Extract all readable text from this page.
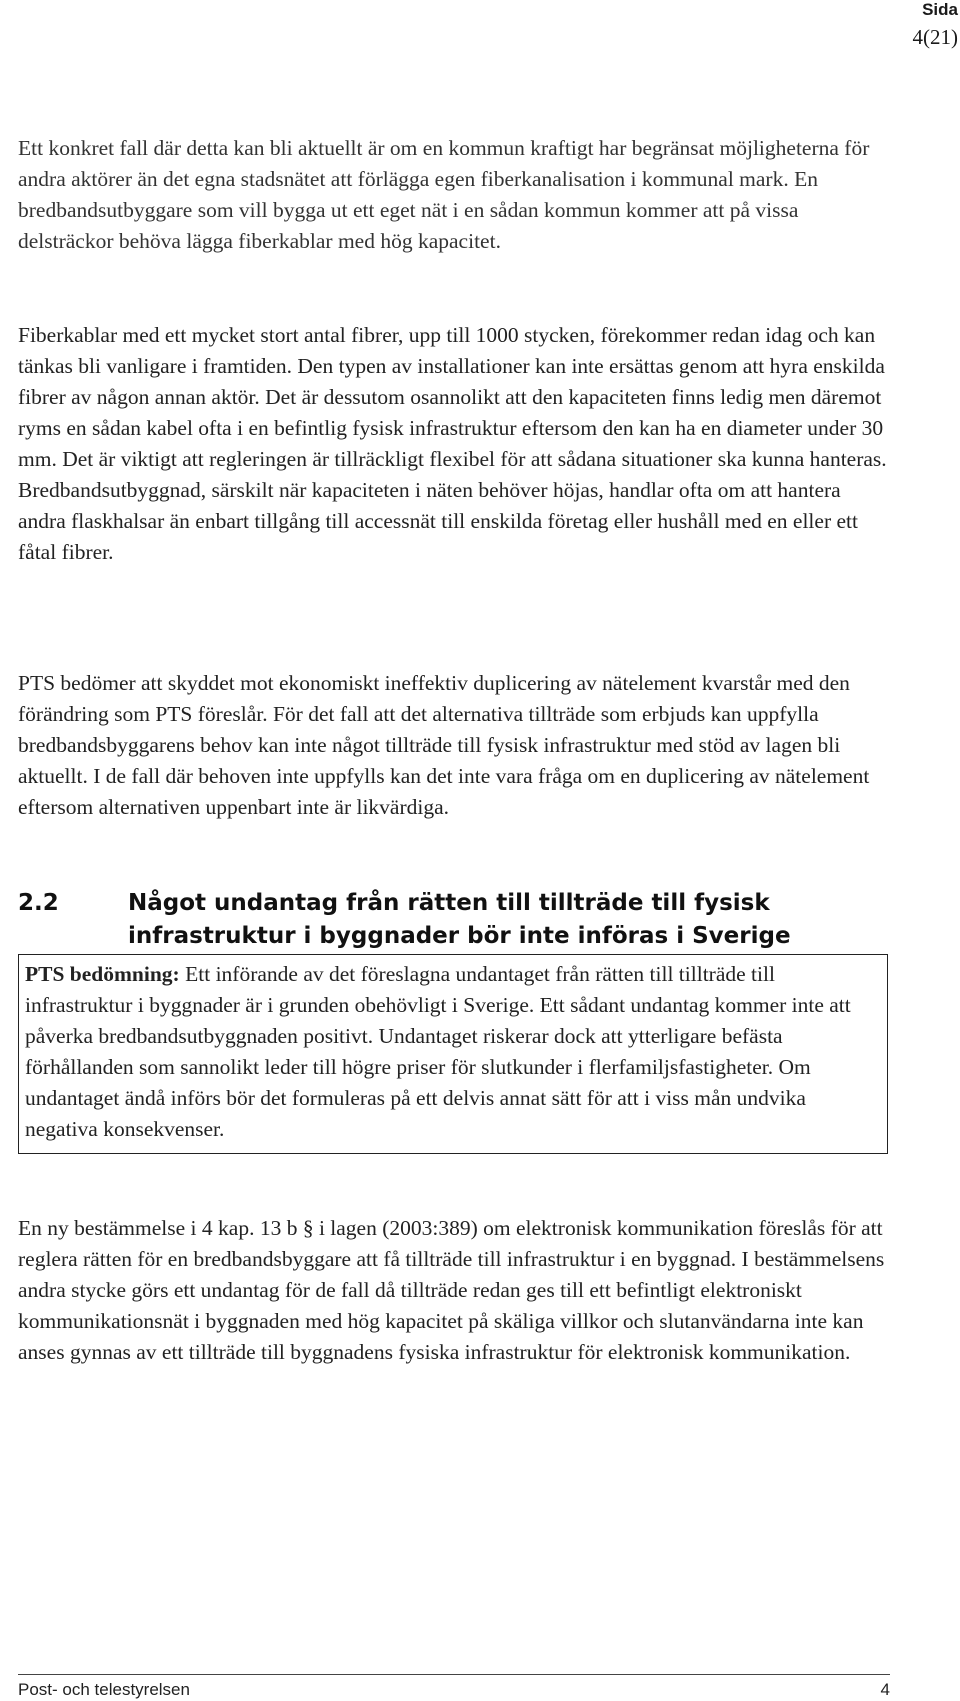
Sida
4(21)
Ett konkret fall där detta kan bli aktuellt är om en kommun kraftigt har begränsat möjligheterna för andra aktörer än det egna stadsnätet att förlägga egen fiberkanalisation i kommunal mark. En bredbandsutbyggare som vill bygga ut ett eget nät i en sådan kommun kommer att på vissa delsträckor behöva lägga fiberkablar med hög kapacitet.
Fiberkablar med ett mycket stort antal fibrer, upp till 1000 stycken, förekommer redan idag och kan tänkas bli vanligare i framtiden. Den typen av installationer kan inte ersättas genom att hyra enskilda fibrer av någon annan aktör. Det är dessutom osannolikt att den kapaciteten finns ledig men däremot ryms en sådan kabel ofta i en befintlig fysisk infrastruktur eftersom den kan ha en diameter under 30 mm. Det är viktigt att regleringen är tillräckligt flexibel för att sådana situationer ska kunna hanteras. Bredbandsutbyggnad, särskilt när kapaciteten i näten behöver höjas, handlar ofta om att hantera andra flaskhalsar än enbart tillgång till accessnät till enskilda företag eller hushåll med en eller ett fåtal fibrer.
PTS bedömer att skyddet mot ekonomiskt ineffektiv duplicering av nätelement kvarstår med den förändring som PTS föreslår. För det fall att det alternativa tillträde som erbjuds kan uppfylla bredbandsbyggarens behov kan inte något tillträde till fysisk infrastruktur med stöd av lagen bli aktuellt. I de fall där behoven inte uppfylls kan det inte vara fråga om en duplicering av nätelement eftersom alternativen uppenbart inte är likvärdiga.
2.2	Något undantag från rätten till tillträde till fysisk infrastruktur i byggnader bör inte införas i Sverige
PTS bedömning: Ett införande av det föreslagna undantaget från rätten till tillträde till infrastruktur i byggnader är i grunden obehövligt i Sverige. Ett sådant undantag kommer inte att påverka bredbandsutbyggnaden positivt. Undantaget riskerar dock att ytterligare befästa förhållanden som sannolikt leder till högre priser för slutkunder i flerfamiljsfastigheter. Om undantaget ändå införs bör det formuleras på ett delvis annat sätt för att i viss mån undvika negativa konsekvenser.
En ny bestämmelse i 4 kap. 13 b § i lagen (2003:389) om elektronisk kommunikation föreslås för att reglera rätten för en bredbandsbyggare att få tillträde till infrastruktur i en byggnad. I bestämmelsens andra stycke görs ett undantag för de fall då tillträde redan ges till ett befintligt elektroniskt kommunikationsnät i byggnaden med hög kapacitet på skäliga villkor och slutanvändarna inte kan anses gynnas av ett tillträde till byggnadens fysiska infrastruktur för elektronisk kommunikation.
Post- och telestyrelsen	4
